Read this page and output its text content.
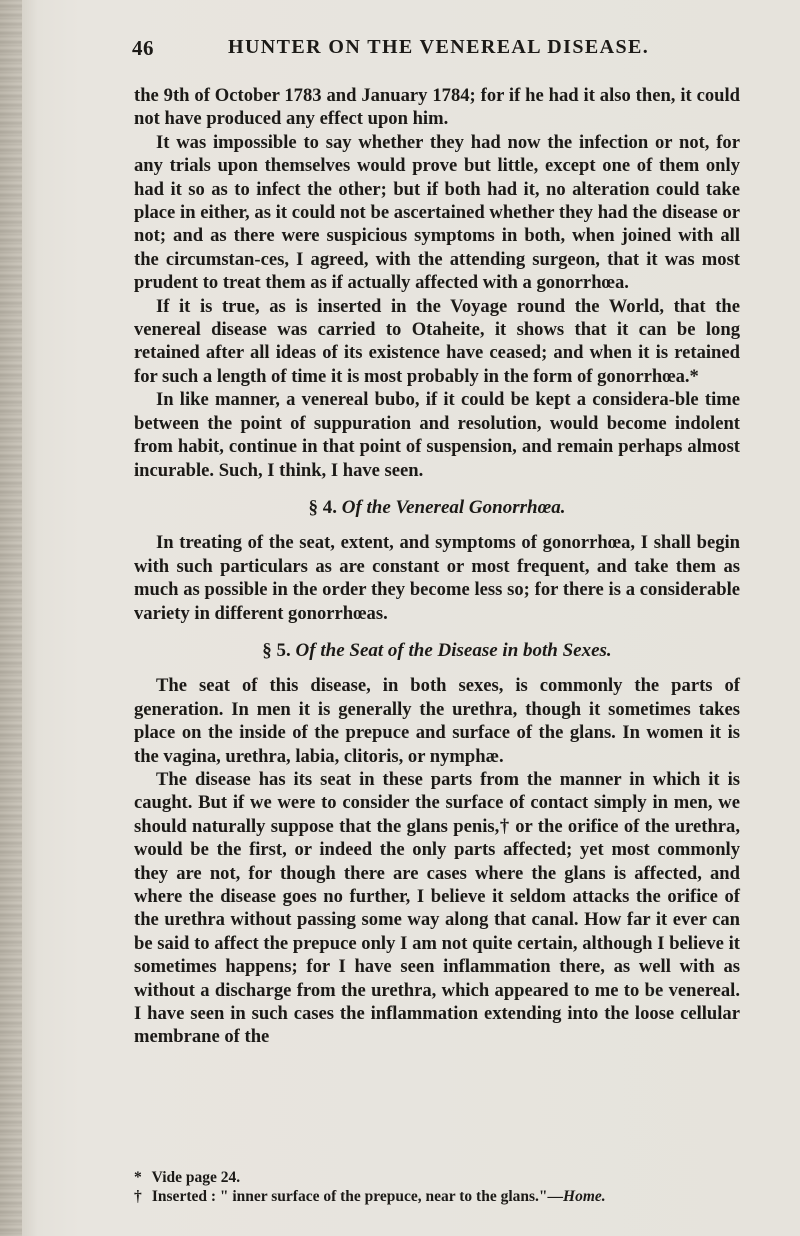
46	HUNTER ON THE VENEREAL DISEASE.

the 9th of October 1783 and January 1784; for if he had it also then, it could not have produced any effect upon him.

It was impossible to say whether they had now the infection or not, for any trials upon themselves would prove but little, except one of them only had it so as to infect the other; but if both had it, no alteration could take place in either, as it could not be ascertained whether they had the disease or not; and as there were suspicious symptoms in both, when joined with all the circumstan-ces, I agreed, with the attending surgeon, that it was most prudent to treat them as if actually affected with a gonorrhœa.

If it is true, as is inserted in the Voyage round the World, that the venereal disease was carried to Otaheite, it shows that it can be long retained after all ideas of its existence have ceased; and when it is retained for such a length of time it is most probably in the form of gonorrhœa.*

In like manner, a venereal bubo, if it could be kept a considera-ble time between the point of suppuration and resolution, would become indolent from habit, continue in that point of suspension, and remain perhaps almost incurable. Such, I think, I have seen.

§ 4. Of the Venereal Gonorrhœa.

In treating of the seat, extent, and symptoms of gonorrhœa, I shall begin with such particulars as are constant or most frequent, and take them as much as possible in the order they become less so; for there is a considerable variety in different gonorrhœas.

§ 5. Of the Seat of the Disease in both Sexes.

The seat of this disease, in both sexes, is commonly the parts of generation. In men it is generally the urethra, though it sometimes takes place on the inside of the prepuce and surface of the glans. In women it is the vagina, urethra, labia, clitoris, or nymphæ.

The disease has its seat in these parts from the manner in which it is caught. But if we were to consider the surface of contact simply in men, we should naturally suppose that the glans penis,† or the orifice of the urethra, would be the first, or indeed the only parts affected; yet most commonly they are not, for though there are cases where the glans is affected, and where the disease goes no further, I believe it seldom attacks the orifice of the urethra without passing some way along that canal. How far it ever can be said to affect the prepuce only I am not quite certain, although I believe it sometimes happens; for I have seen inflammation there, as well with as without a discharge from the urethra, which appeared to me to be venereal. I have seen in such cases the inflammation extending into the loose cellular membrane of the

* Vide page 24.
† Inserted : " inner surface of the prepuce, near to the glans."—Home.
